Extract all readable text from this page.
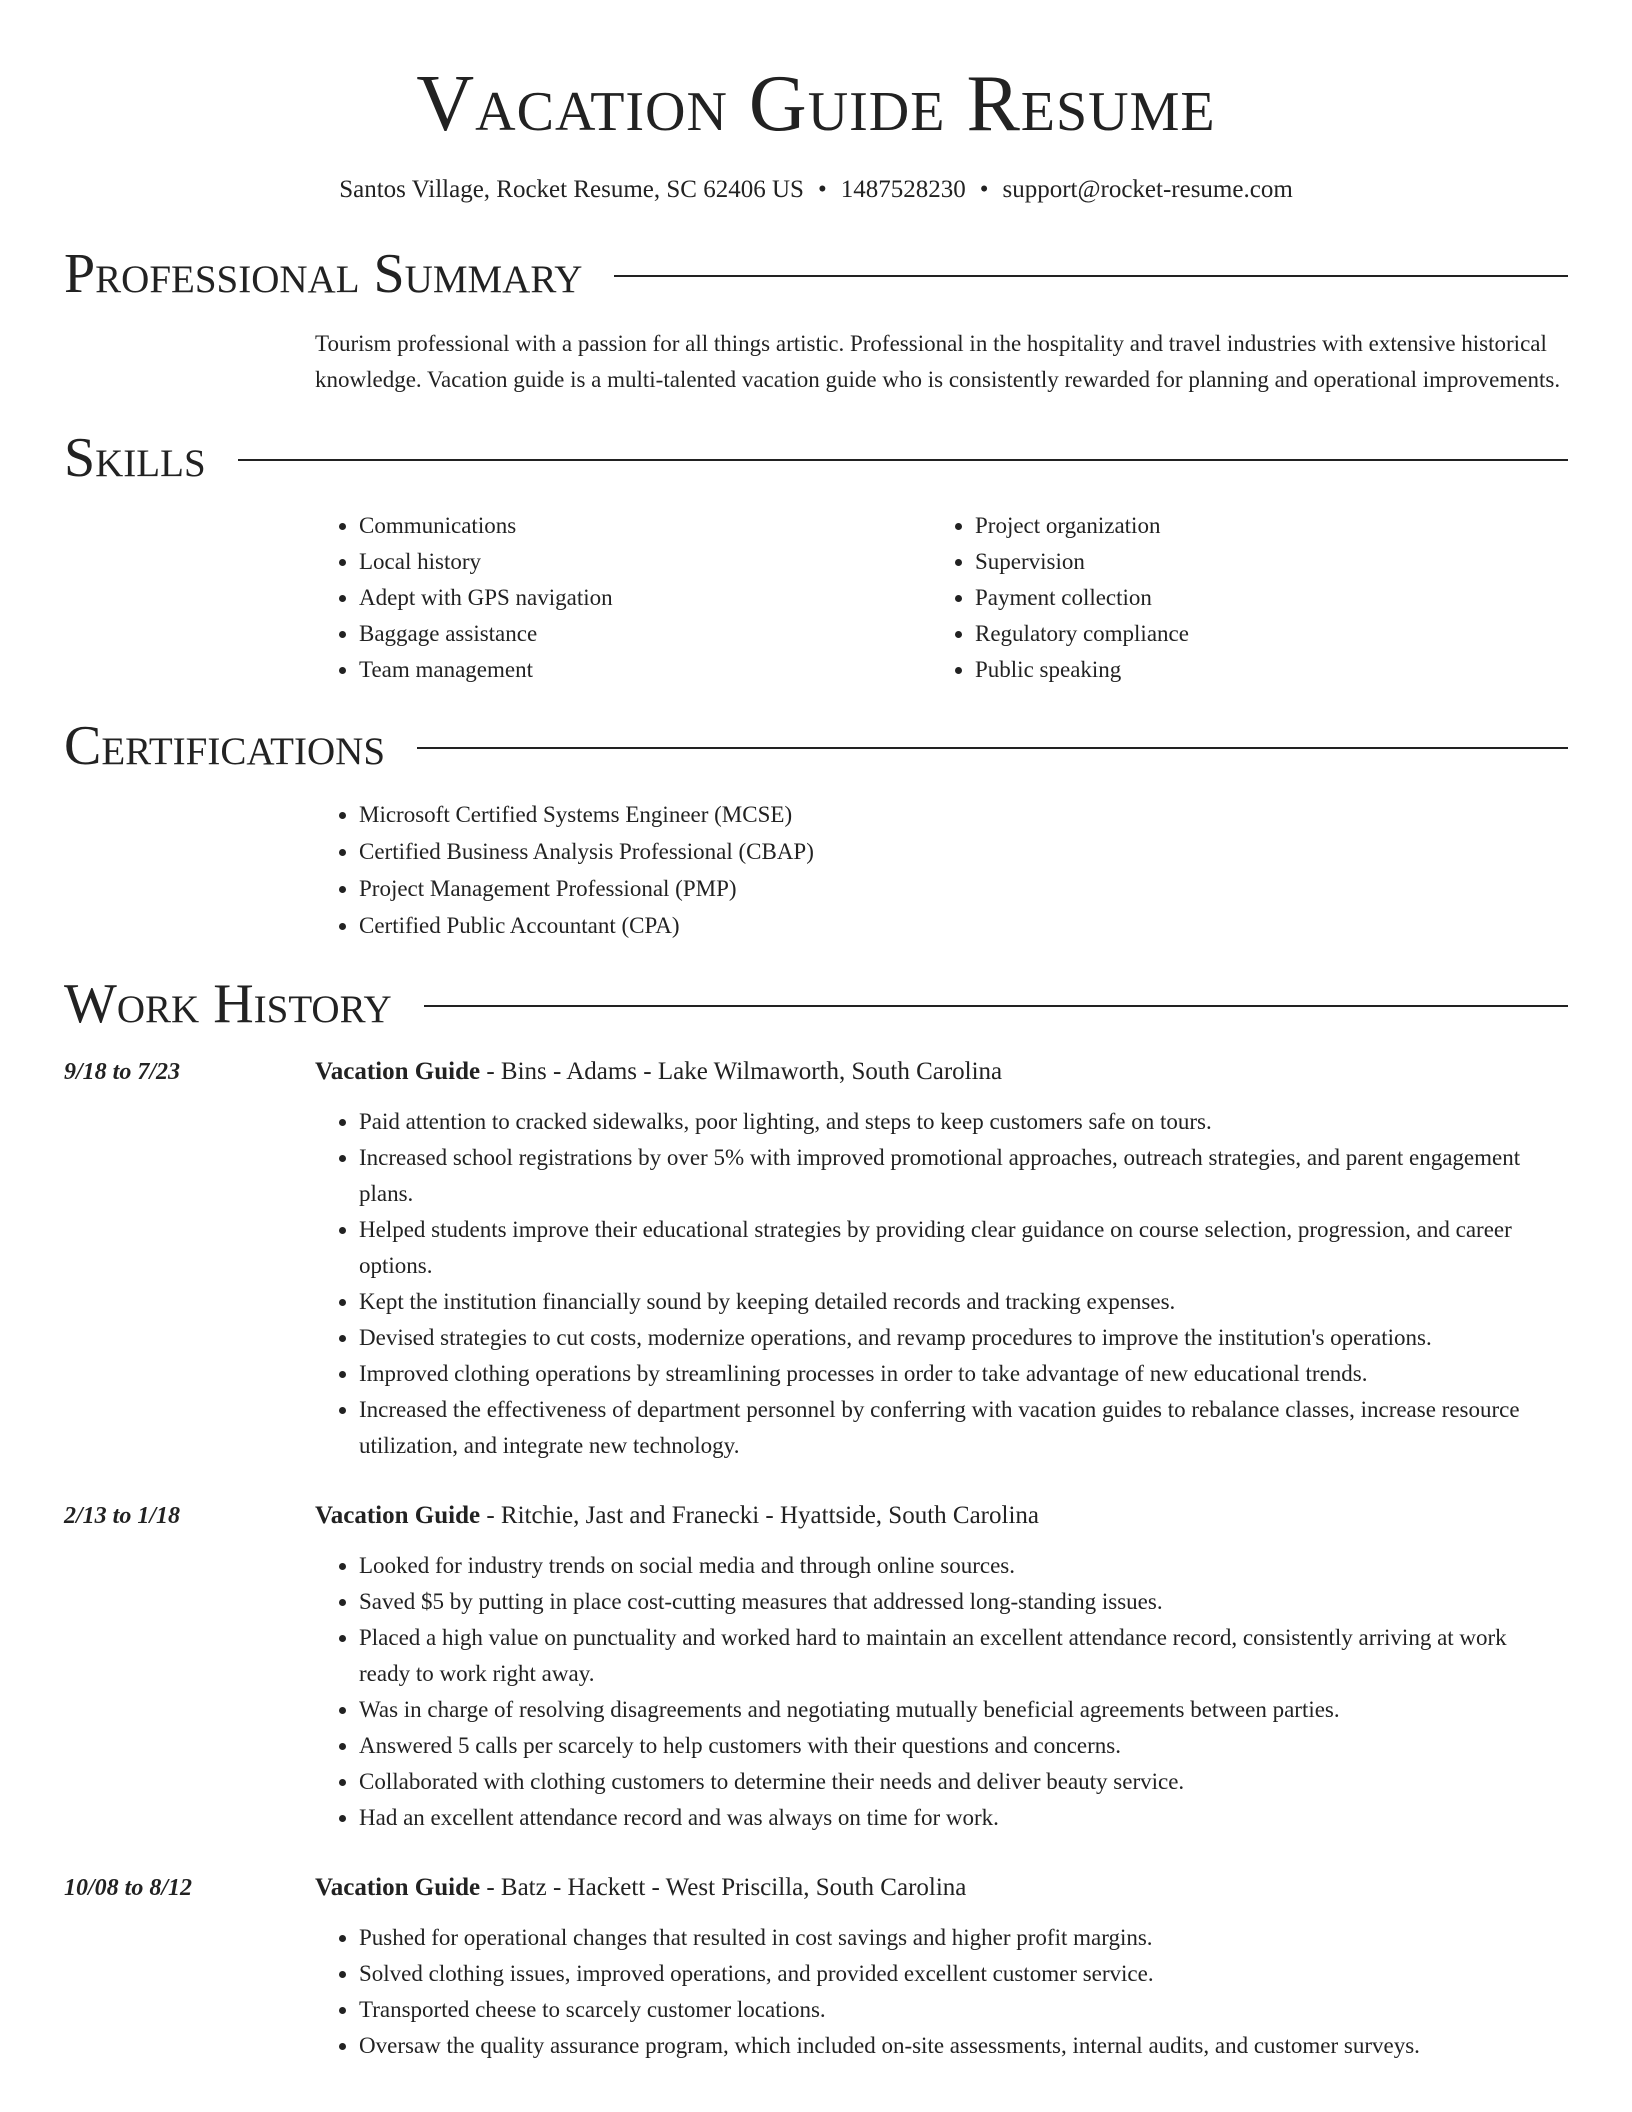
Vacation Guide Resume
Santos Village, Rocket Resume, SC 62406 US • 1487528230 • support@rocket-resume.com
Professional Summary

Tourism professional with a passion for all things artistic. Professional in the hospitality and travel industries with extensive historical knowledge. Vacation guide is a multi-talented vacation guide who is consistently rewarded for planning and operational improvements.

Skills
• Communications
• Local history
• Adept with GPS navigation
• Baggage assistance
• Team management
• Project organization
• Supervision
• Payment collection
• Regulatory compliance
• Public speaking
Certifications
• Microsoft Certified Systems Engineer (MCSE)
• Certified Business Analysis Professional (CBAP)
• Project Management Professional (PMP)
• Certified Public Accountant (CPA)
Work History
9/18 to 7/23	Vacation Guide - Bins - Adams - Lake Wilmaworth, South Carolina
• Paid attention to cracked sidewalks, poor lighting, and steps to keep customers safe on tours.
• Increased school registrations by over 5% with improved promotional approaches, outreach strategies, and parent engagement plans.
• Helped students improve their educational strategies by providing clear guidance on course selection, progression, and career options.
• Kept the institution financially sound by keeping detailed records and tracking expenses.
• Devised strategies to cut costs, modernize operations, and revamp procedures to improve the institution's operations.
• Improved clothing operations by streamlining processes in order to take advantage of new educational trends.
• Increased the effectiveness of department personnel by conferring with vacation guides to rebalance classes, increase resource utilization, and integrate new technology.
2/13 to 1/18	Vacation Guide - Ritchie, Jast and Franecki - Hyattside, South Carolina
• Looked for industry trends on social media and through online sources.
• Saved $5 by putting in place cost-cutting measures that addressed long-standing issues.
• Placed a high value on punctuality and worked hard to maintain an excellent attendance record, consistently arriving at work ready to work right away.
• Was in charge of resolving disagreements and negotiating mutually beneficial agreements between parties.
• Answered 5 calls per scarcely to help customers with their questions and concerns.
• Collaborated with clothing customers to determine their needs and deliver beauty service.
• Had an excellent attendance record and was always on time for work.
10/08 to 8/12	Vacation Guide - Batz - Hackett - West Priscilla, South Carolina
• Pushed for operational changes that resulted in cost savings and higher profit margins.
• Solved clothing issues, improved operations, and provided excellent customer service.
• Transported cheese to scarcely customer locations.
• Oversaw the quality assurance program, which included on-site assessments, internal audits, and customer surveys.
